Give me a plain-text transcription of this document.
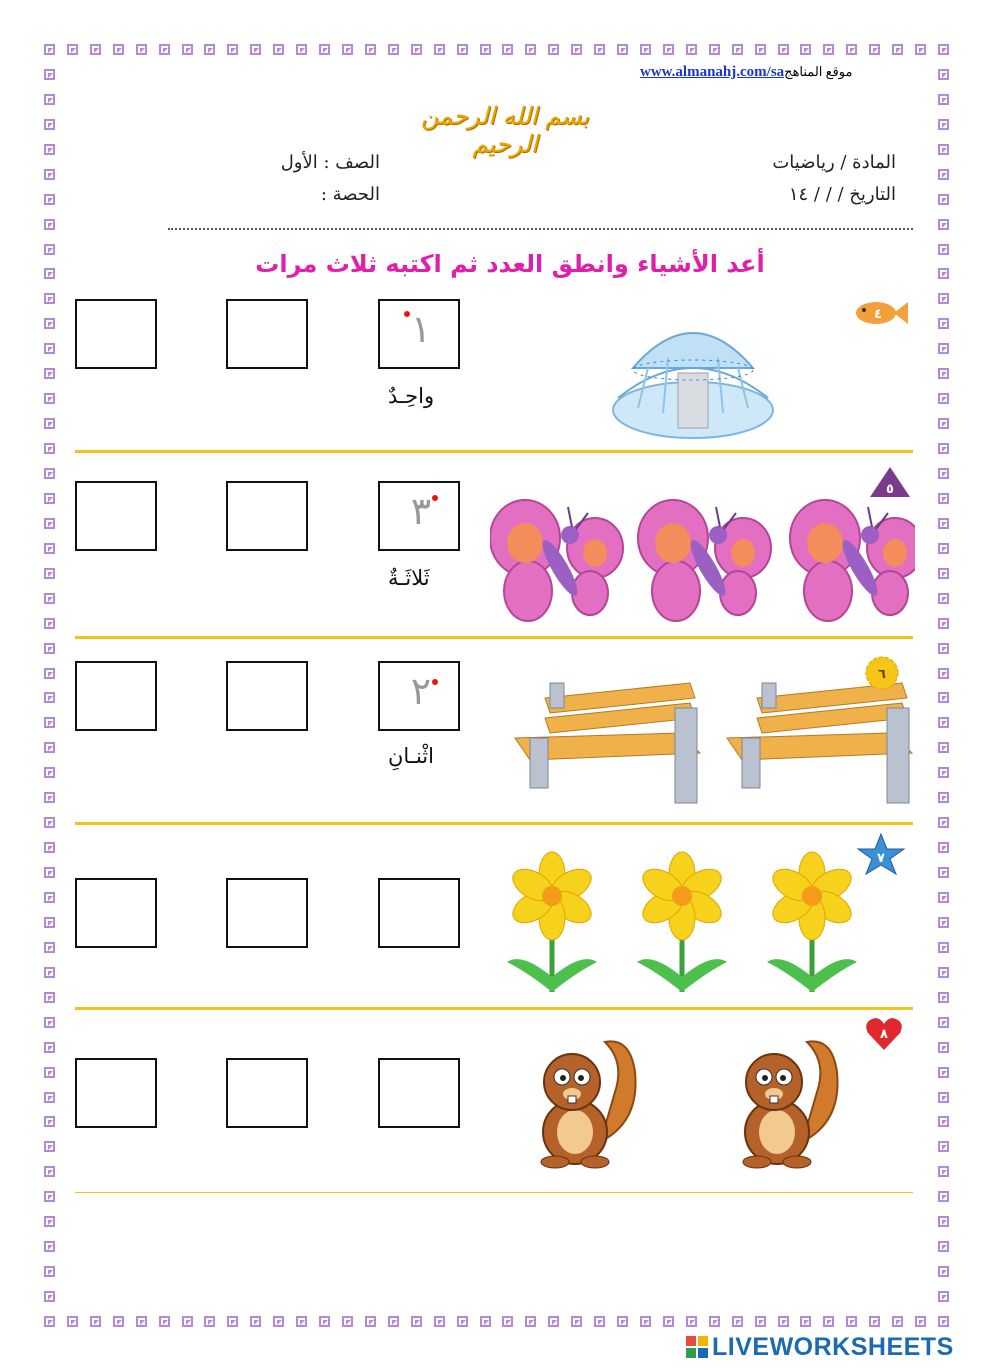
www.almanahj.com/saموقع المناهج
بسم الله الرحمن الرحيم
المادة / رياضيات
الصف : الأول
التاريخ / / / ١٤
الحصة :
أعد الأشياء وانطق العدد ثم اكتبه ثلاث مرات
١
واحِـدٌ
٤
٣
ثَلاثَـةٌ
٥
٢
اثْنـانِ
٦
٧
٨
LIVEWORKSHEETS
